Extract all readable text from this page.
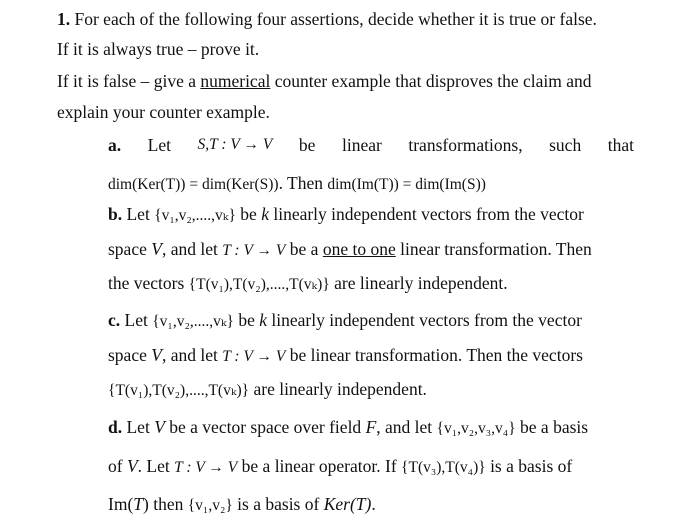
1. For each of the following four assertions, decide whether it is true or false.
If it is always true – prove it.
If it is false – give a numerical counter example that disproves the claim and
explain your counter example.
a. Let S,T : V → V be linear transformations, such that
dim(Ker(T)) = dim(Ker(S)). Then dim(Im(T)) = dim(Im(S))
b. Let {v₁,v₂,....,vₖ} be k linearly independent vectors from the vector
space V, and let T : V → V be a one to one linear transformation. Then
the vectors {T(v₁),T(v₂),....,T(vₖ)} are linearly independent.
c. Let {v₁,v₂,....,vₖ} be k linearly independent vectors from the vector
space V, and let T : V → V be linear transformation. Then the vectors
{T(v₁),T(v₂),....,T(vₖ)} are linearly independent.
d. Let V be a vector space over field F, and let {v₁,v₂,v₃,v₄} be a basis
of V. Let T : V → V be a linear operator. If {T(v₃),T(v₄)} is a basis of
Im(T) then {v₁,v₂} is a basis of Ker(T).
